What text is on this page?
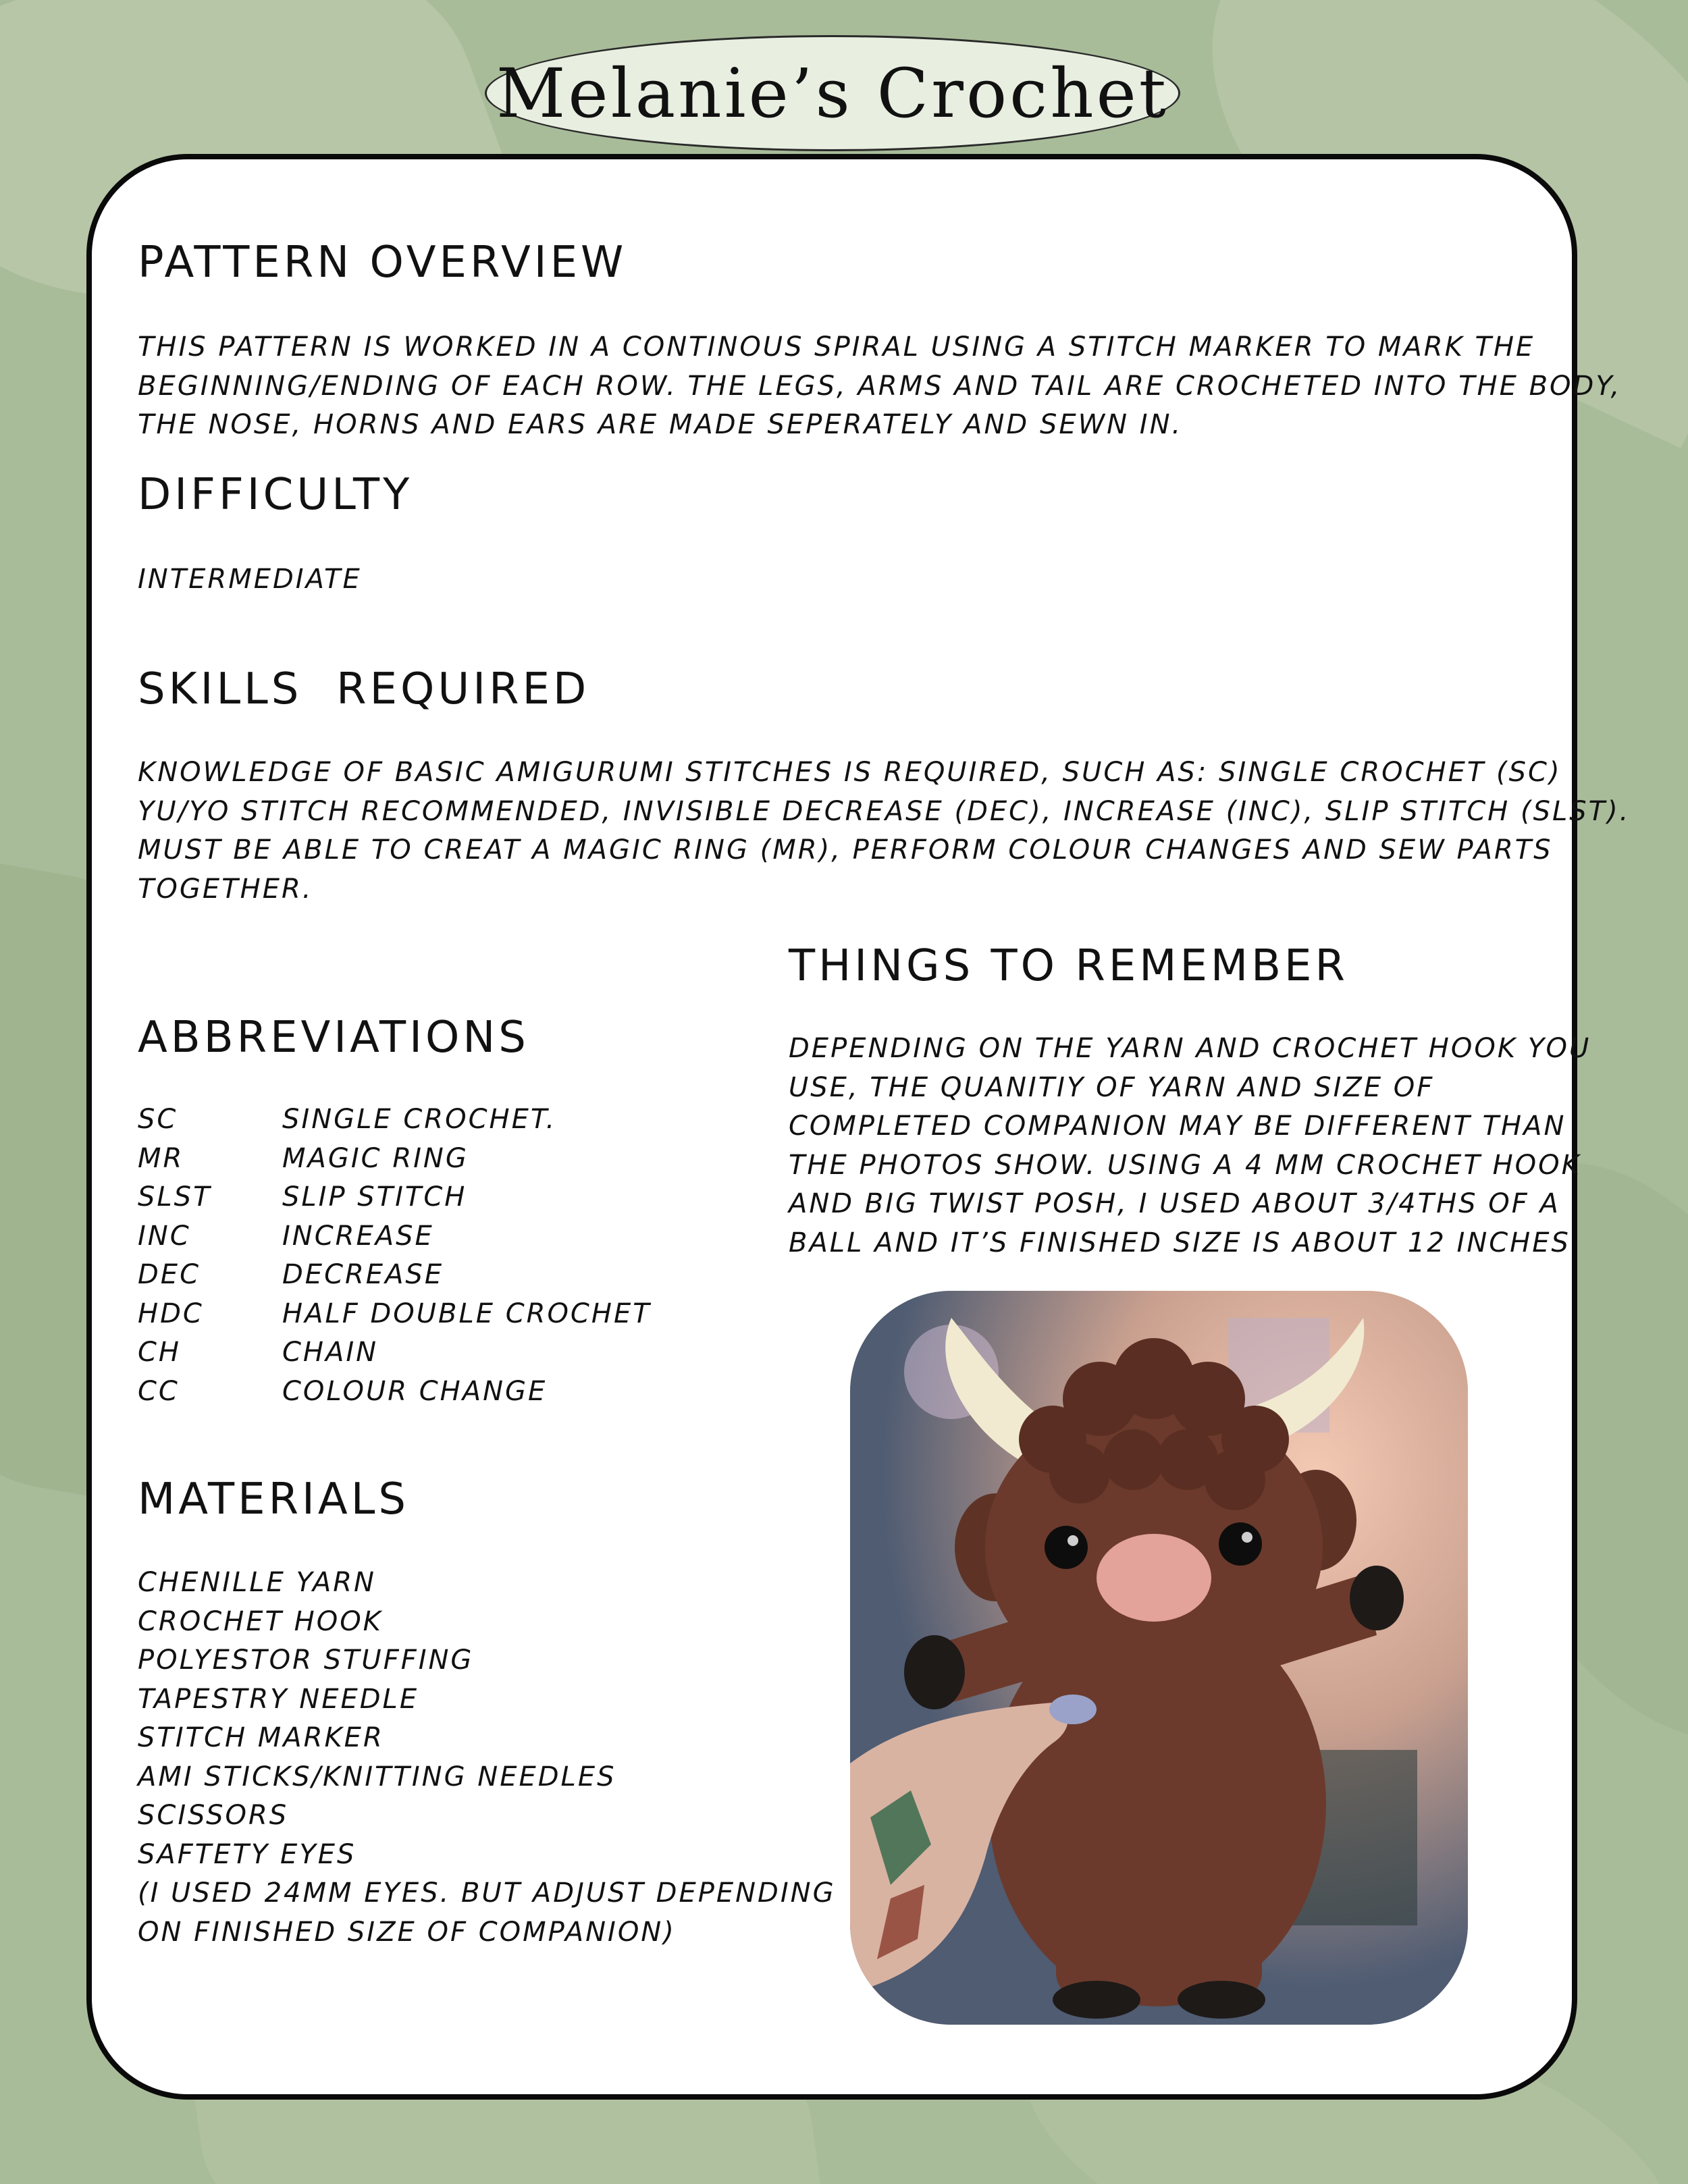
Melanie’s Crochet
PATTERN OVERVIEW
THIS PATTERN IS WORKED IN A CONTINOUS SPIRAL USING A STITCH MARKER TO MARK THE
BEGINNING/ENDING OF EACH ROW. THE LEGS, ARMS AND TAIL ARE CROCHETED INTO THE BODY,
THE NOSE, HORNS AND EARS ARE MADE SEPERATELY AND SEWN IN.
DIFFICULTY
INTERMEDIATE
SKILLS  REQUIRED
KNOWLEDGE OF BASIC AMIGURUMI STITCHES IS REQUIRED, SUCH AS: SINGLE CROCHET (SC)
YU/YO STITCH RECOMMENDED, INVISIBLE DECREASE (DEC), INCREASE (INC), SLIP STITCH (SLST).
MUST BE ABLE TO CREAT A MAGIC RING (MR), PERFORM COLOUR CHANGES AND SEW PARTS
TOGETHER.
THINGS TO REMEMBER
DEPENDING ON THE YARN AND CROCHET HOOK YOU
USE, THE QUANITIY OF YARN AND SIZE OF
COMPLETED COMPANION MAY BE DIFFERENT THAN
THE PHOTOS SHOW. USING A 4 MM CROCHET HOOK
AND BIG TWIST POSH, I USED ABOUT 3/4THS OF A
BALL AND IT’S FINISHED SIZE IS ABOUT 12 INCHES
ABBREVIATIONS
SC	SINGLE CROCHET.
MR	MAGIC RING
SLST	SLIP STITCH
INC	INCREASE
DEC	DECREASE
HDC	HALF DOUBLE CROCHET
CH	CHAIN
CC	COLOUR CHANGE
MATERIALS
CHENILLE YARN
CROCHET HOOK
POLYESTOR STUFFING
TAPESTRY NEEDLE
STITCH MARKER
AMI STICKS/KNITTING NEEDLES
SCISSORS
SAFTETY EYES
(I USED 24MM EYES. BUT ADJUST DEPENDING
ON FINISHED SIZE OF COMPANION)
